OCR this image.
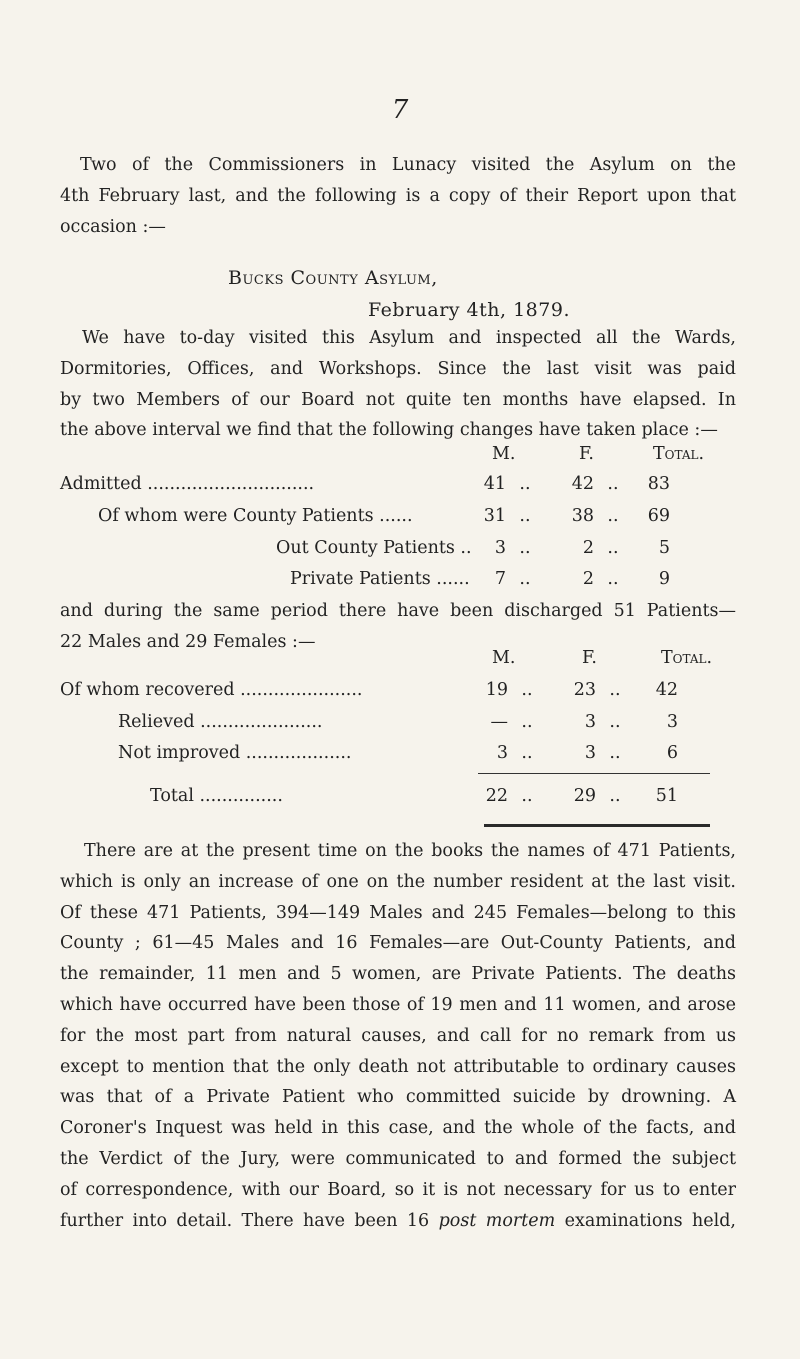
7
Two of the Commissioners in Lunacy visited the Asylum on the
4th February last, and the following is a copy of their Report upon that
occasion :—
Bucks County Asylum,
February 4th, 1879.
We have to-day visited this Asylum and inspected all the Wards,
Dormitories, Offices, and Workshops. Since the last visit was paid
by two Members of our Board not quite ten months have elapsed. In
the above interval we find that the following changes have taken place :—
M.	F.	Total.
Admitted ..............................	41 ..	42 ..	83
Of whom were County Patients ......	31 ..	38 ..	69
Out County Patients ..	3 ..	2 ..	5
Private Patients ......	7 ..	2 ..	9
and during the same period there have been discharged 51 Patients—
22 Males and 29 Females :—
M.	F.	Total.
Of whom recovered ......................	19 ..	23 ..	42
Relieved ......................	— ..	3 ..	3
Not improved ...................	3 ..	3 ..	6
Total ...............	22 ..	29 ..	51
There are at the present time on the books the names of 471 Patients,
which is only an increase of one on the number resident at the last visit.
Of these 471 Patients, 394—149 Males and 245 Females—belong to this
County ; 61—45 Males and 16 Females—are Out-County Patients, and
the remainder, 11 men and 5 women, are Private Patients. The deaths
which have occurred have been those of 19 men and 11 women, and arose
for the most part from natural causes, and call for no remark from us
except to mention that the only death not attributable to ordinary causes
was that of a Private Patient who committed suicide by drowning. A
Coroner's Inquest was held in this case, and the whole of the facts, and
the Verdict of the Jury, were communicated to and formed the subject
of correspondence, with our Board, so it is not necessary for us to enter
further into detail. There have been 16 post mortem examinations held,
